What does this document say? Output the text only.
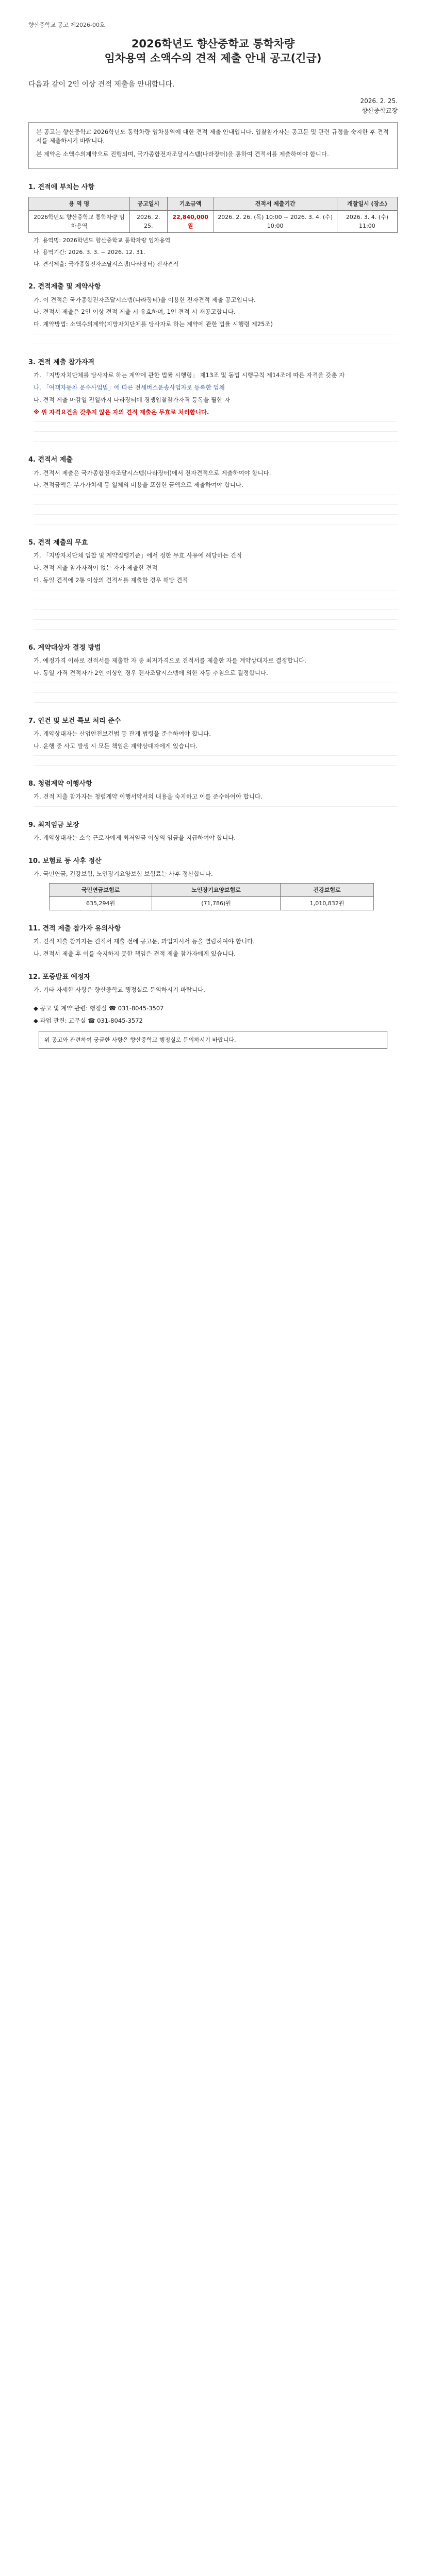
향산중학교 공고 제2026-00호
2026학년도 향산중학교 통학차량
임차용역 소액수의 견적 제출 안내 공고(긴급)
다음과 같이 2인 이상 견적 제출을 안내합니다.
2026. 2. 25.
향산중학교장

본 공고는 향산중학교 2026학년도 통학차량 임차용역에 대한 견적 제출 안내입니다. 입찰참가자는 공고문 및 관련 규정을 숙지한 후 견적서를 제출하시기 바랍니다.

본 계약은 소액수의계약으로 진행되며, 국가종합전자조달시스템(나라장터)을 통하여 견적서를 제출하여야 합니다.

1. 견적에 부치는 사항
용 역 명	공고일시	기초금액	견적서 제출기간	개찰일시 (장소)
2026학년도 향산중학교 통학차량 임차용역	2026. 2. 25.	22,840,000원	2026. 2. 26. (목) 10:00 ~ 2026. 3. 4. (수) 10:00	2026. 3. 4. (수) 11:00
가. 용역명: 2026학년도 향산중학교 통학차량 임차용역
나. 용역기간: 2026. 3. 3. ~ 2026. 12. 31.
다. 견적제출: 국가종합전자조달시스템(나라장터) 전자견적
2. 견적제출 및 제약사항
가. 이 견적은 국가종합전자조달시스템(나라장터)을 이용한 전자견적 제출 공고입니다.
나. 견적서 제출은 2인 이상 견적 제출 시 유효하며, 1인 견적 시 재공고합니다.
다. 계약방법: 소액수의계약(지방자치단체를 당사자로 하는 계약에 관한 법률 시행령 제25조)
3. 견적 제출 참가자격
가. 「지방자치단체를 당사자로 하는 계약에 관한 법률 시행령」 제13조 및 동법 시행규칙 제14조에 따른 자격을 갖춘 자
나. 「여객자동차 운수사업법」에 따른 전세버스운송사업자로 등록한 업체
다. 견적 제출 마감일 전일까지 나라장터에 경쟁입찰참가자격 등록을 필한 자
※ 위 자격요건을 갖추지 않은 자의 견적 제출은 무효로 처리합니다.
4. 견적서 제출
가. 견적서 제출은 국가종합전자조달시스템(나라장터)에서 전자견적으로 제출하여야 합니다.
나. 견적금액은 부가가치세 등 일체의 비용을 포함한 금액으로 제출하여야 합니다.
5. 견적 제출의 무효
가. 「지방자치단체 입찰 및 계약집행기준」에서 정한 무효 사유에 해당하는 견적
나. 견적 제출 참가자격이 없는 자가 제출한 견적
다. 동일 견적에 2통 이상의 견적서를 제출한 경우 해당 견적
6. 계약대상자 결정 방법
가. 예정가격 이하로 견적서를 제출한 자 중 최저가격으로 견적서를 제출한 자를 계약상대자로 결정합니다.
나. 동일 가격 견적자가 2인 이상인 경우 전자조달시스템에 의한 자동 추첨으로 결정합니다.
7. 인건 및 보건 특보 처리 준수
가. 계약상대자는 산업안전보건법 등 관계 법령을 준수하여야 합니다.
나. 운행 중 사고 발생 시 모든 책임은 계약상대자에게 있습니다.
8. 청렴계약 이행사항
가. 견적 제출 참가자는 청렴계약 이행서약서의 내용을 숙지하고 이를 준수하여야 합니다.
9. 최저임금 보장
가. 계약상대자는 소속 근로자에게 최저임금 이상의 임금을 지급하여야 합니다.
10. 보험료 등 사후 정산
가. 국민연금, 건강보험, 노인장기요양보험 보험료는 사후 정산합니다.
국민연금보험료	노인장기요양보험료	건강보험료
635,294원	(71,786)원	1,010,832원
11. 견적 제출 참가자 유의사항
가. 견적 제출 참가자는 견적서 제출 전에 공고문, 과업지시서 등을 열람하여야 합니다.
나. 견적서 제출 후 이를 숙지하지 못한 책임은 견적 제출 참가자에게 있습니다.
12. 포증발표 예정자
가. 기타 자세한 사항은 향산중학교 행정실로 문의하시기 바랍니다.
◆ 공고 및 계약 관련: 행정실 ☎ 031-8045-3507
◆ 과업 관련: 교무실 ☎ 031-8045-3572
위 공고와 관련하여 궁금한 사항은 향산중학교 행정실로 문의하시기 바랍니다.
